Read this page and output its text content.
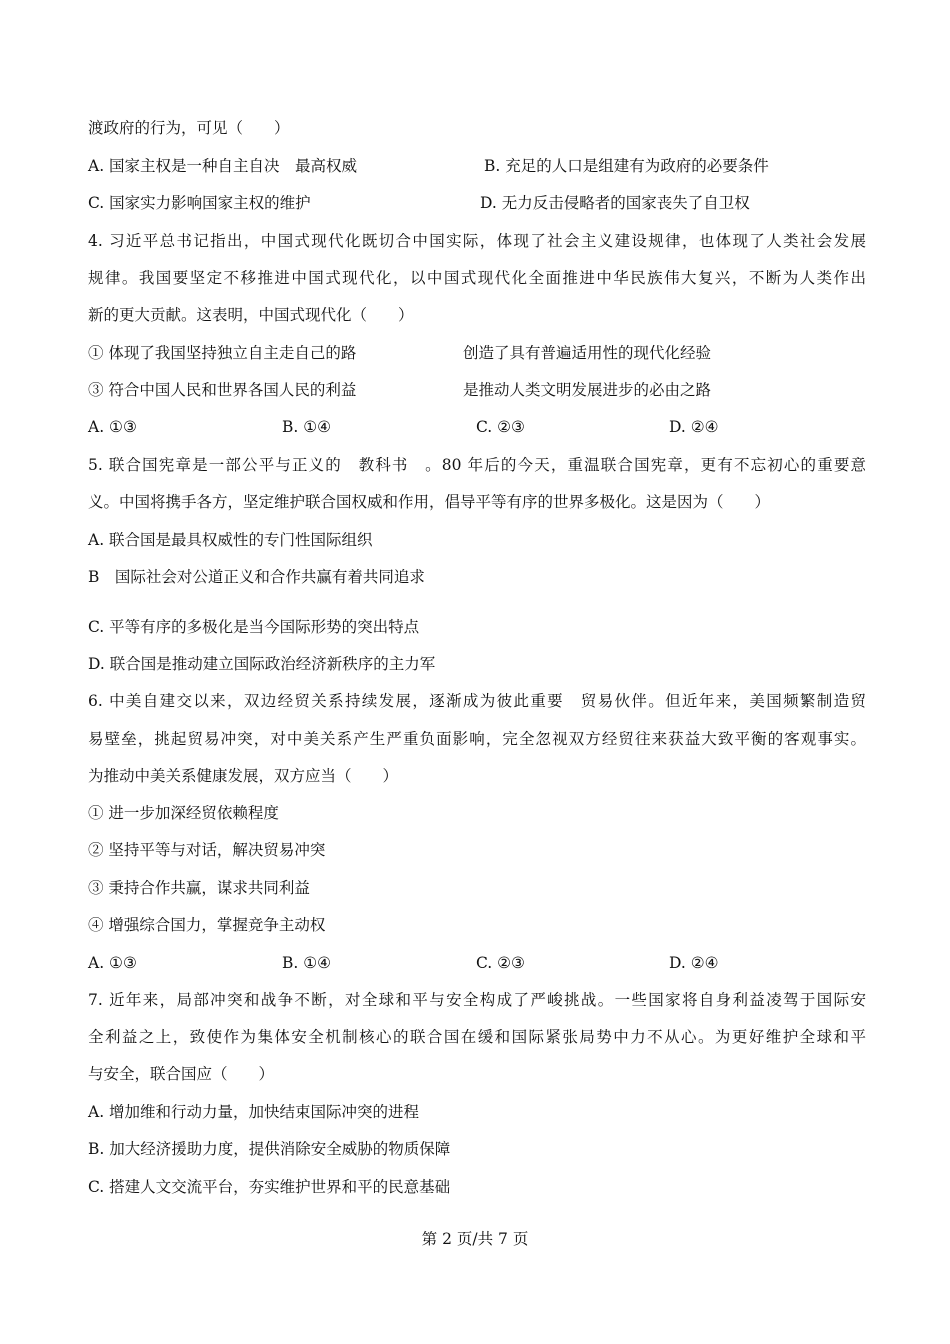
渡政府的行为，可见（　　）
A. 国家主权是一种自主自决　最高权威	B. 充足的人口是组建有为政府的必要条件
C. 国家实力影响国家主权的维护	D. 无力反击侵略者的国家丧失了自卫权
4. 习近平总书记指出，中国式现代化既切合中国实际，体现了社会主义建设规律，也体现了人类社会发展
规律。我国要坚定不移推进中国式现代化，以中国式现代化全面推进中华民族伟大复兴，不断为人类作出
新的更大贡献。这表明，中国式现代化（　　）
① 体现了我国坚持独立自主走自己的路	创造了具有普遍适用性的现代化经验
③ 符合中国人民和世界各国人民的利益	是推动人类文明发展进步的必由之路
A. ①③	B. ①④	C. ②③	D. ②④
5. 联合国宪章是一部公平与正义的　教科书　。80 年后的今天，重温联合国宪章，更有不忘初心的重要意
义。中国将携手各方，坚定维护联合国权威和作用，倡导平等有序的世界多极化。这是因为（　　）
A. 联合国是最具权威性的专门性国际组织
B　国际社会对公道正义和合作共赢有着共同追求
C. 平等有序的多极化是当今国际形势的突出特点
D. 联合国是推动建立国际政治经济新秩序的主力军
6. 中美自建交以来，双边经贸关系持续发展，逐渐成为彼此重要　贸易伙伴。但近年来，美国频繁制造贸
易壁垒，挑起贸易冲突，对中美关系产生严重负面影响，完全忽视双方经贸往来获益大致平衡的客观事实。
为推动中美关系健康发展，双方应当（　　）
① 进一步加深经贸依赖程度
② 坚持平等与对话，解决贸易冲突
③ 秉持合作共赢，谋求共同利益
④ 增强综合国力，掌握竞争主动权
A. ①③	B. ①④	C. ②③	D. ②④
7. 近年来，局部冲突和战争不断，对全球和平与安全构成了严峻挑战。一些国家将自身利益凌驾于国际安
全利益之上，致使作为集体安全机制核心的联合国在缓和国际紧张局势中力不从心。为更好维护全球和平
与安全，联合国应（　　）
A. 增加维和行动力量，加快结束国际冲突的进程
B. 加大经济援助力度，提供消除安全威胁的物质保障
C. 搭建人文交流平台，夯实维护世界和平的民意基础
第 2 页/共 7 页
